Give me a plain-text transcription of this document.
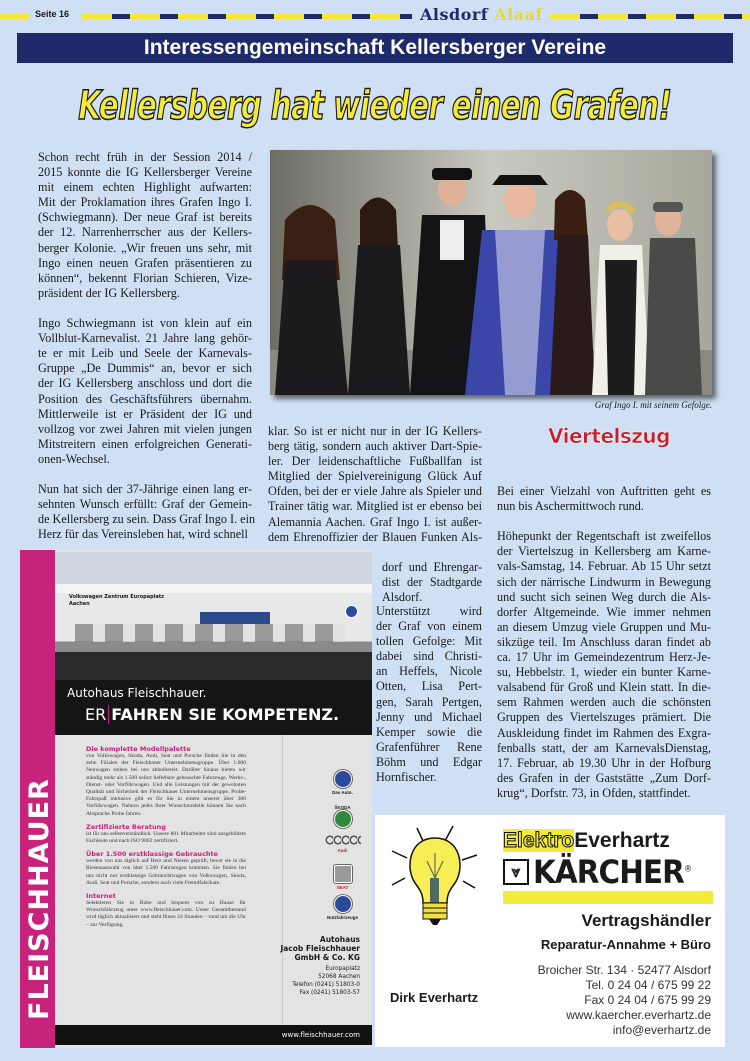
Seite 16	Alsdorf Alaaf
Interessengemeinschaft Kellersberger Vereine
Kellersberg hat wieder einen Grafen!
Graf Ingo I. mit seinem Gefolge.
Schon recht früh in der Session 2014 /
2015 konnte die IG Kellersberger Vereine
mit einem echten Highlight aufwarten:
Mit der Proklamation ihres Grafen Ingo I.
(Schwiegmann). Der neue Graf ist bereits
der 12. Narrenherrscher aus der Kellers-
berger Kolonie. „Wir freuen uns sehr, mit
Ingo einen neuen Grafen präsentieren zu
können“, bekennt Florian Schieren, Vize-
präsident der IG Kellersberg.
Ingo Schwiegmann ist von klein auf ein
Vollblut-Karnevalist. 21 Jahre lang gehör-
te er mit Leib und Seele der Karnevals-
Gruppe „De Dummis“ an, bevor er sich
der IG Kellersberg anschloss und dort die
Position des Geschäftsführers übernahm.
Mittlerweile ist er Präsident der IG und
vollzog vor zwei Jahren mit vielen jungen
Mitstreitern einen erfolgreichen Generati-
onen-Wechsel.
Nun hat sich der 37-Jährige einen lang er-
sehnten Wunsch erfüllt: Graf der Gemein-
de Kellersberg zu sein. Dass Graf Ingo I. ein
Herz für das Vereinsleben hat, wird schnell
klar. So ist er nicht nur in der IG Kellers-
berg tätig, sondern auch aktiver Dart-Spie-
ler. Der leidenschaftliche Fußballfan ist
Mitglied der Spielvereinigung Glück Auf
Ofden, bei der er viele Jahre als Spieler und
Trainer tätig war. Mitglied ist er ebenso bei
Alemannia Aachen. Graf Ingo I. ist außer-
dem Ehrenoffizier der Blauen Funken Als-
dorf und Ehrengar-
dist der Stadtgarde
Alsdorf.
Unterstützt wird
der Graf von einem
tollen Gefolge: Mit
dabei sind Christi-
an Heffels, Nicole
Otten, Lisa Pert-
gen, Sarah Pertgen,
Jenny und Michael
Kemper sowie die
Grafenführer Rene
Böhm und Edgar
Hornfischer.
Viertelszug
Bei einer Vielzahl von Auftritten geht es
nun bis Aschermittwoch rund.
Höhepunkt der Regentschaft ist zweifellos
der Viertelszug in Kellersberg am Karne-
vals-Samstag, 14. Februar. Ab 15 Uhr setzt
sich der närrische Lindwurm in Bewegung
und sucht sich seinen Weg durch die Als-
dorfer Altgemeinde. Wie immer nehmen
an diesem Umzug viele Gruppen und Mu-
sikzüge teil. Im Anschluss daran findet ab
ca. 17 Uhr im Gemeindezentrum Herz-Je-
su, Hebbelstr. 1, wieder ein bunter Karne-
valsabend für Groß und Klein statt. In die-
sem Rahmen werden auch die schönsten
Gruppen des Viertelszuges prämiert. Die
Auskleidung findet im Rahmen des Exgra-
fenballs statt, der am KarnevalsDienstag,
17. Februar, ab 19.30 Uhr in der Hofburg
des Grafen in der Gaststätte „Zum Dorf-
krug“, Dorfstr. 73, in Ofden, stattfindet.
FLEISCHHAUER
Volkswagen Zentrum Europaplatz Aachen
Autohaus Fleischhauer.
ER FAHREN SIE KOMPETENZ.
Die komplette Modellpalette
von Volkswagen, Skoda, Audi, Seat und Porsche finden Sie in den zehn Filialen der Fleischhauer Unternehmensgruppe. Über 1.000 Neuwagen stehen bei uns abholbereit. Darüber hinaus bieten wir ständig mehr als 1.500 sofort lieferbare gebrauchte Fahrzeuge, Werks-, Dienst- oder Vorführwagen. Und alle Leistungen mit der gewohnten Qualität und Sicherheit der Fleischhauer Unternehmensgruppe. Probe-Fahrspaß inklusive gibt es für Sie in einem unserer über 300 Vorführwagen. Nahezu jedes Ihrer Wunschmodelle können Sie nach Absprache Probe fahren.
Zertifizierte Beratung
ist für uns selbstverständlich. Unsere 801 Mitarbeiter sind ausgebildete Fachleute und nach ISO 9002 zertifiziert.
Über 1.500 erstklassige Gebrauchte
werden von uns täglich auf Herz und Nieren geprüft, bevor sie in die Riesenauswahl von über 1.500 Fahrzeugen kommen. Sie finden bei uns nicht nur erstklassige Gebrauchtwagen von Volkswagen, Skoda, Audi, Seat und Porsche, sondern auch viele Fremdfabrikate.
Internet
Selektieren Sie in Ruhe und bequem von zu Hause Ihr Wunschfahrzeug unter www.fleischhauer.com. Unser Gesamtbestand wird täglich aktualisiert und steht Ihnen 24 Stunden – rund um die Uhr – zur Verfügung.
Das Auto.
ŠKODA
Audi
SEAT
Nutzfahrzeuge
Autohaus
Jacob Fleischhauer
GmbH & Co. KG
Europaplatz
52068 Aachen
Telefon (0241) 51803-0
Fax (0241) 51803-57
www.fleischhauer.com
ElektroEverhartz
⩔ KÄRCHER®
Vertragshändler
Reparatur-Annahme + Büro
Dirk Everhartz
Broicher Str. 134 · 52477 Alsdorf
Tel. 0 24 04 / 675 99 22
Fax 0 24 04 / 675 99 29
www.kaercher.everhartz.de
info@everhartz.de
